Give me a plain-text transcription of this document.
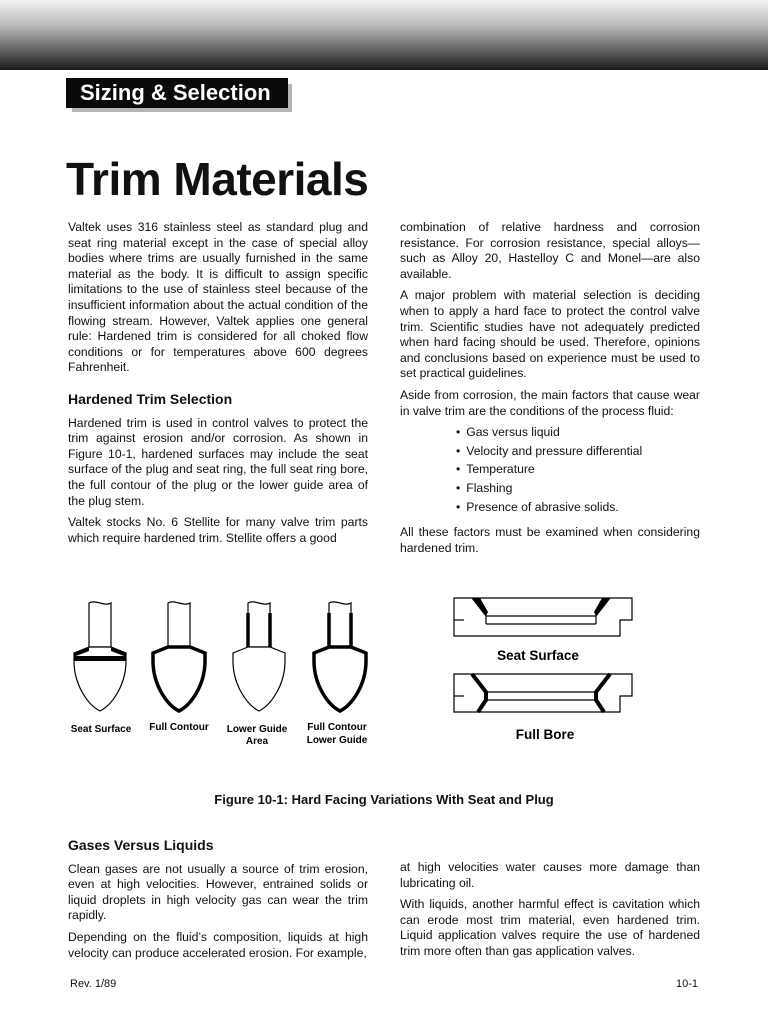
Sizing & Selection
Trim Materials

Valtek uses 316 stainless steel as standard plug and seat ring material except in the case of special alloy bodies where trims are usually furnished in the same material as the body. It is difficult to assign specific limitations to the use of stainless steel because of the insufficient information about the actual condition of the flowing stream. However, Valtek applies one general rule: Hardened trim is considered for all choked flow conditions or for temperatures above 600 degrees Fahrenheit.

Hardened Trim Selection

Hardened trim is used in control valves to protect the trim against erosion and/or corrosion. As shown in Figure 10-1, hardened surfaces may include the seat surface of the plug and seat ring, the full seat ring bore, the full contour of the plug or the lower guide area of the plug stem.

Valtek stocks No. 6 Stellite for many valve trim parts which require hardened trim. Stellite offers a good

combination of relative hardness and corrosion resistance. For corrosion resistance, special alloys—such as Alloy 20, Hastelloy C and Monel—are also available.

A major problem with material selection is deciding when to apply a hard face to protect the control valve trim. Scientific studies have not adequately predicted when hard facing should be used. Therefore, opinions and conclusions based on experience must be used to set practical guidelines.

Aside from corrosion, the main factors that cause wear in valve trim are the conditions of the process fluid:

• Gas versus liquid
• Velocity and pressure differential
• Temperature
• Flashing
• Presence of abrasive solids.

All these factors must be examined when considering hardened trim.

Seat Surface Full Contour Lower Guide
Area
Full Contour
Lower Guide
Seat Surface
Full Bore
Figure 10-1: Hard Facing Variations With Seat and Plug
Gases Versus Liquids

Clean gases are not usually a source of trim erosion, even at high velocities. However, entrained solids or liquid droplets in high velocity gas can wear the trim rapidly.

Depending on the fluid’s composition, liquids at high velocity can produce accelerated erosion. For example,

at high velocities water causes more damage than lubricating oil.

With liquids, another harmful effect is cavitation which can erode most trim material, even hardened trim. Liquid application valves require the use of hardened trim more often than gas application valves.

Rev. 1/89	10-1
